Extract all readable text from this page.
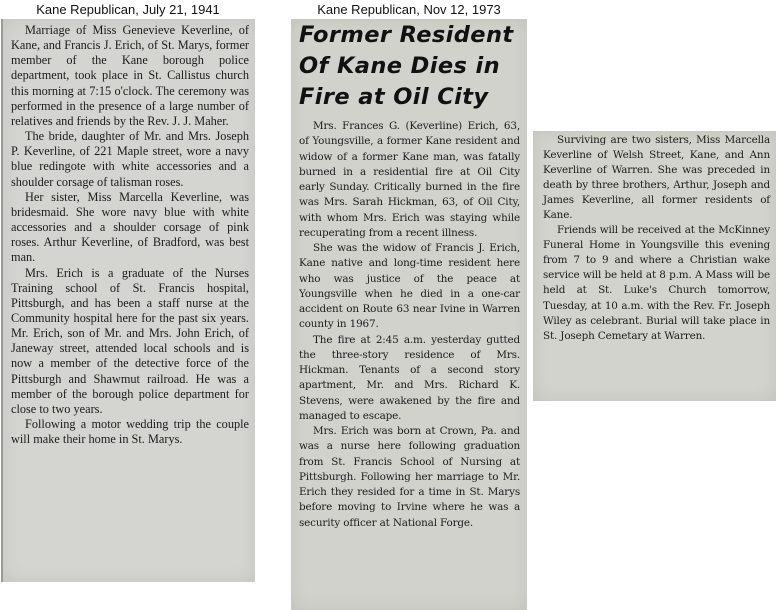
Kane Republican, July 21, 1941	Kane Republican, Nov 12, 1973

Marriage of Miss Genevieve Keverline, of Kane, and Francis J. Erich, of St. Marys, former member of the Kane borough police department, took place in St. Callistus church this morning at 7:15 o'clock. The ceremony was performed in the presence of a large number of relatives and friends by the Rev. J. J. Maher.

The bride, daughter of Mr. and Mrs. Joseph P. Keverline, of 221 Maple street, wore a navy blue redingote with white accessories and a shoulder corsage of talisman roses.

Her sister, Miss Marcella Keverline, was bridesmaid. She wore navy blue with white accessories and a shoulder corsage of pink roses. Arthur Keverline, of Bradford, was best man.

Mrs. Erich is a graduate of the Nurses Training school of St. Francis hospital, Pittsburgh, and has been a staff nurse at the Community hospital here for the past six years. Mr. Erich, son of Mr. and Mrs. John Erich, of Janeway street, attended local schools and is now a member of the detective force of the Pittsburgh and Shawmut railroad. He was a member of the borough police department for close to two years.

Following a motor wedding trip the couple will make their home in St. Marys.

Former Resident Of Kane Dies in Fire at Oil City

Mrs. Frances G. (Keverline) Erich, 63, of Youngsville, a former Kane resident and widow of a former Kane man, was fatally burned in a residential fire at Oil City early Sunday. Critically burned in the fire was Mrs. Sarah Hickman, 63, of Oil City, with whom Mrs. Erich was staying while recuperating from a recent illness.

She was the widow of Francis J. Erich, Kane native and long-time resident here who was justice of the peace at Youngsville when he died in a one-car accident on Route 63 near Ivine in Warren county in 1967.

The fire at 2:45 a.m. yesterday gutted the three-story residence of Mrs. Hickman. Tenants of a second story apartment, Mr. and Mrs. Richard K. Stevens, were awakened by the fire and managed to escape.

Mrs. Erich was born at Crown, Pa. and was a nurse here following graduation from St. Francis School of Nursing at Pittsburgh. Following her marriage to Mr. Erich they resided for a time in St. Marys before moving to Irvine where he was a security officer at National Forge.

Surviving are two sisters, Miss Marcella Keverline of Welsh Street, Kane, and Ann Keverline of Warren. She was preceded in death by three brothers, Arthur, Joseph and James Keverline, all former residents of Kane.

Friends will be received at the McKinney Funeral Home in Youngsville this evening from 7 to 9 and where a Christian wake service will be held at 8 p.m. A Mass will be held at St. Luke's Church tomorrow, Tuesday, at 10 a.m. with the Rev. Fr. Joseph Wiley as celebrant. Burial will take place in St. Joseph Cemetary at Warren.
